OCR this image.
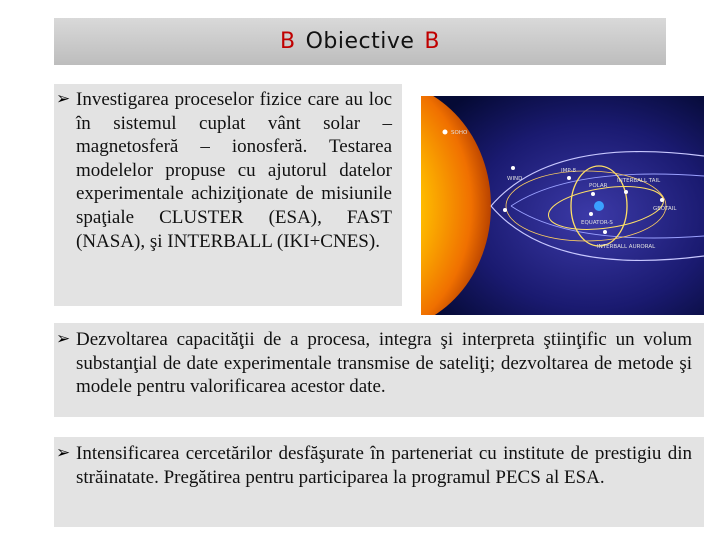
B Obiective B
➢ Investigarea proceselor fizice care au loc în sistemul cuplat vânt solar – magnetosferă – ionosferă. Testarea modelelor propuse cu ajutorul datelor experimentale achiziţionate de misiunile spaţiale CLUSTER (ESA), FAST (NASA), şi INTERBALL (IKI+CNES).
SOHO
WIND
IMP-8
POLAR
INTERBALL TAIL
GEOTAIL
EQUATOR-S
INTERBALL AURORAL
➢ Dezvoltarea capacităţii de a procesa, integra şi interpreta ştiinţific un volum substanţial de date experimentale transmise de sateliţi; dezvoltarea de metode şi modele pentru valorificarea acestor date.
➢ Intensificarea cercetărilor desfăşurate în parteneriat cu institute de prestigiu din străinatate. Pregătirea pentru participarea la programul PECS al ESA.
